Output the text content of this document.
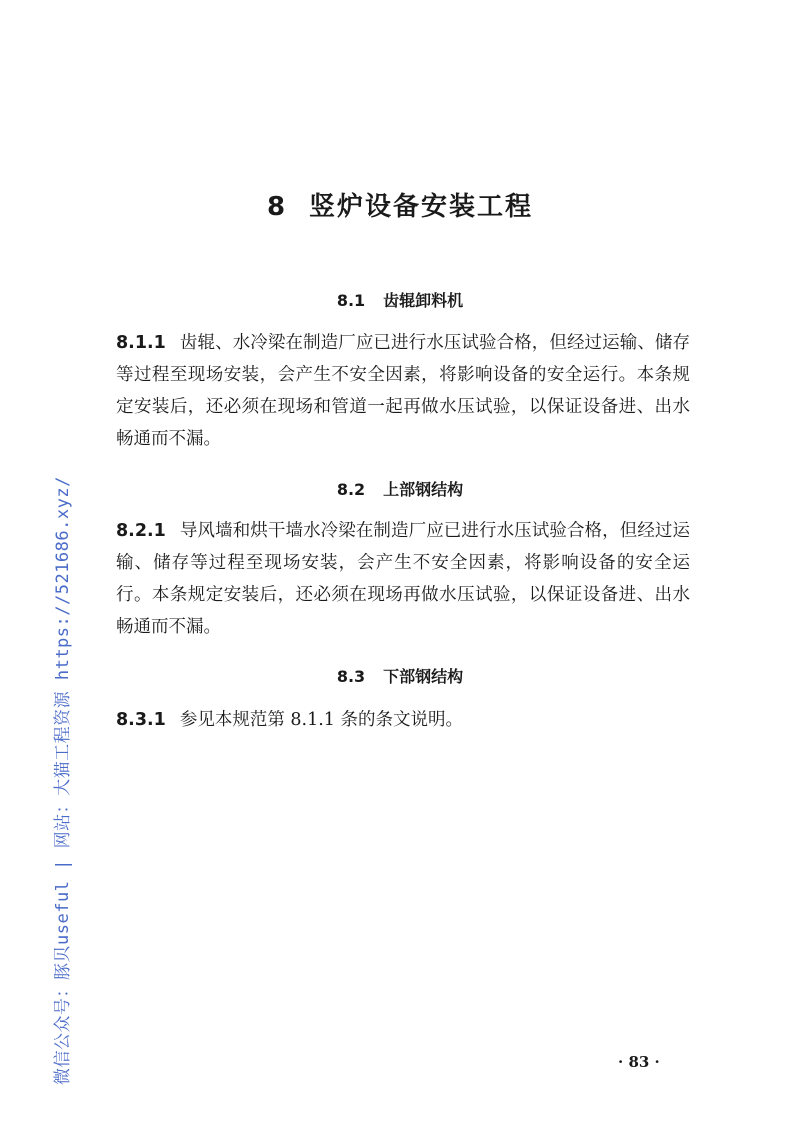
8 竖炉设备安装工程
8.1 齿辊卸料机
8.1.1 齿辊、水冷梁在制造厂应已进行水压试验合格，但经过运输、储存等过程至现场安装，会产生不安全因素，将影响设备的安全运行。本条规定安装后，还必须在现场和管道一起再做水压试验，以保证设备进、出水畅通而不漏。
8.2 上部钢结构
8.2.1 导风墙和烘干墙水冷梁在制造厂应已进行水压试验合格，但经过运输、储存等过程至现场安装，会产生不安全因素，将影响设备的安全运行。本条规定安装后，还必须在现场再做水压试验，以保证设备进、出水畅通而不漏。
8.3 下部钢结构
8.3.1 参见本规范第 8.1.1 条的条文说明。
· 83 ·
微信公众号：豚贝useful | 网站：大猫工程资源 https://521686.xyz/
